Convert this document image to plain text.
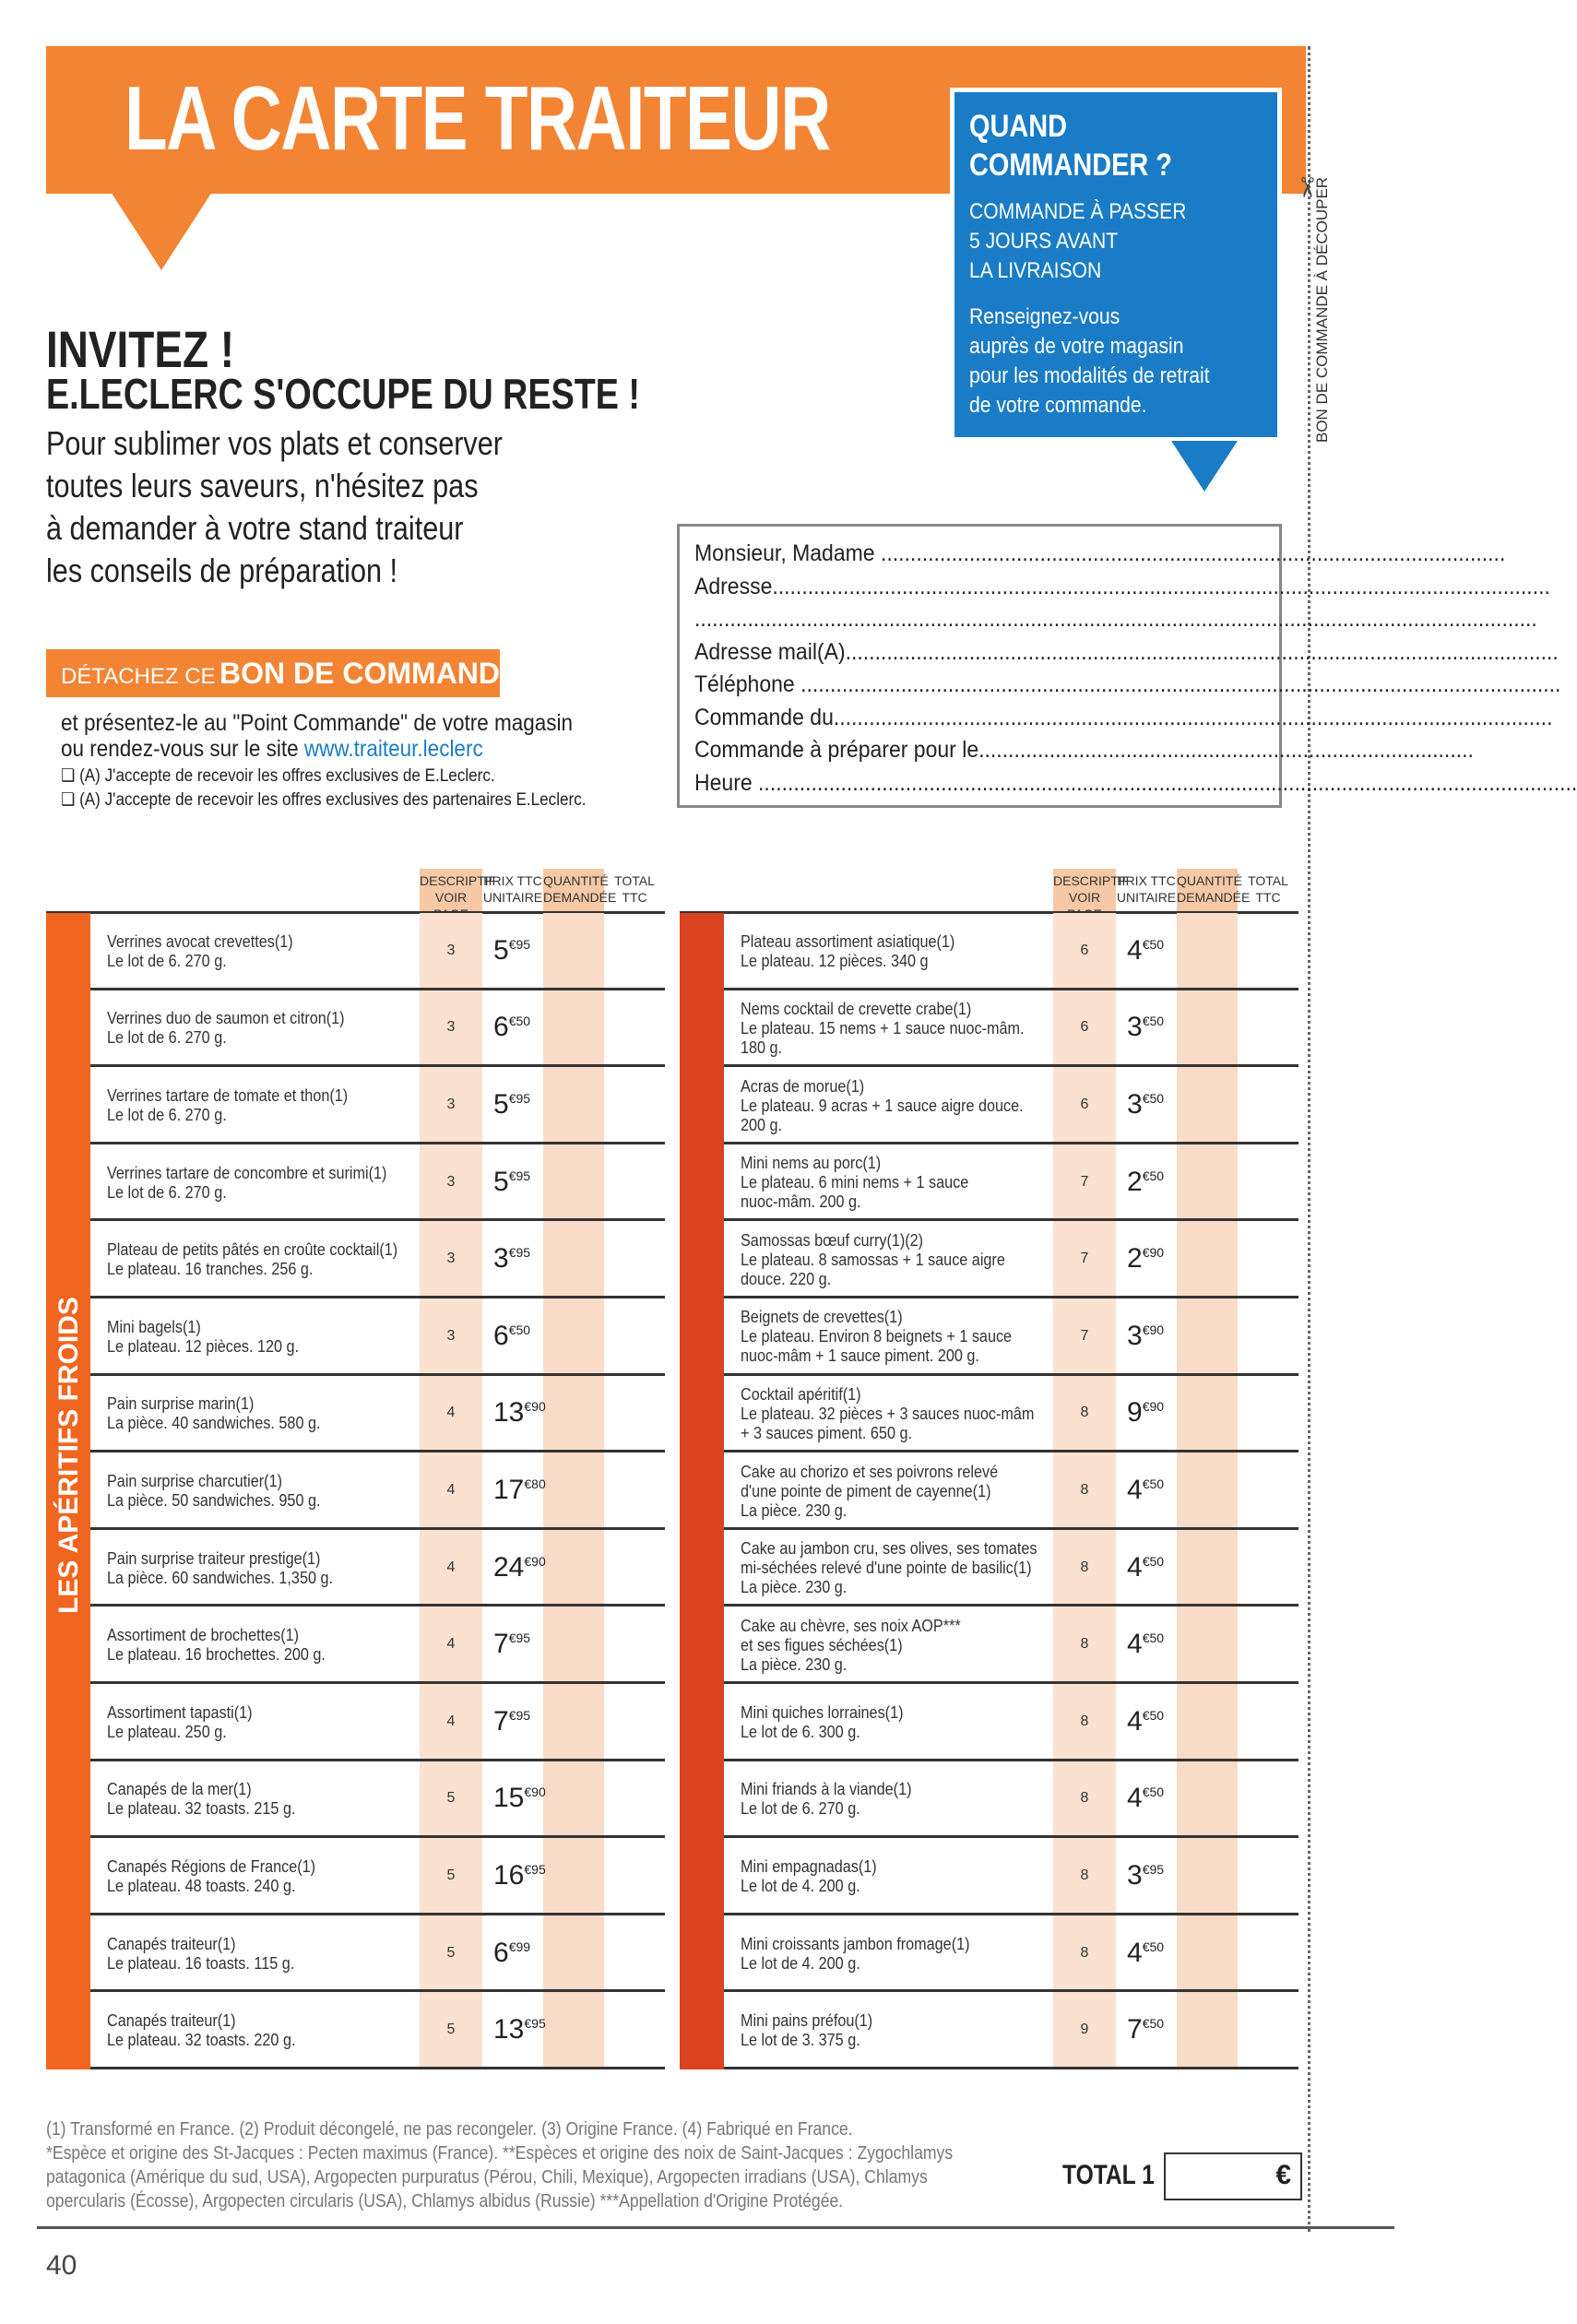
LA CARTE TRAITEUR	QUAND
COMMANDER ?

COMMANDE À PASSER
5 JOURS AVANT
LA LIVRAISON

Renseignez-vous
auprès de votre magasin
pour les modalités de retrait
de votre commande.

✂
BON DE COMMANDE À DÉCOUPER
INVITEZ !
E.LECLERC S'OCCUPE DU RESTE !
Pour sublimer vos plats et conserver
toutes leurs saveurs, n'hésitez pas
à demander à votre stand traiteur
les conseils de préparation !
DÉTACHEZ CE BON DE COMMANDE
et présentez-le au "Point Commande" de votre magasin
ou rendez-vous sur le site www.traiteur.leclerc
❏ (A) J'accepte de recevoir les offres exclusives de E.Leclerc.
❏ (A) J'accepte de recevoir les offres exclusives des partenaires E.Leclerc.
Monsieur, Madame ..........................................................................................................
Adresse....................................................................................................................................
...............................................................................................................................................
Adresse mail(A).........................................................................................................................
Téléphone .................................................................................................................................
Commande du..........................................................................................................................
Commande à préparer pour le....................................................................................
Heure ...........................................................................................................................................
DESCRIPTIF
VOIR
PRIX TTC
UNITAIRE
QUANTITÉ
DEMANDÉE
TOTAL
TTC
DESCRIPTIF
VOIR
PRIX TTC
UNITAIRE
QUANTITÉ
DEMANDÉE
TOTAL
TTC
LES APÉRITIFS FROIDS
Verrines avocat crevettes(1)
Le lot de 6. 270 g.
3	$5^{€95}$
Verrines duo de saumon et citron(1)
Le lot de 6. 270 g.
3	$6^{€50}$
Verrines tartare de tomate et thon(1)
Le lot de 6. 270 g.
3	$5^{€95}$
Verrines tartare de concombre et surimi(1)
Le lot de 6. 270 g.
3	$5^{€95}$
Plateau de petits pâtés en croûte cocktail(1)
Le plateau. 16 tranches. 256 g.
3	$3^{€95}$
Mini bagels(1)
Le plateau. 12 pièces. 120 g.
3	$6^{€50}$
Pain surprise marin(1)
La pièce. 40 sandwiches. 580 g.
4	$13^{€90}$
Pain surprise charcutier(1)
La pièce. 50 sandwiches. 950 g.
4	$17^{€80}$
Pain surprise traiteur prestige(1)
La pièce. 60 sandwiches. 1,350 g.
4	$24^{€90}$
Assortiment de brochettes(1)
Le plateau. 16 brochettes. 200 g.
4	$7^{€95}$
Assortiment tapasti(1)
Le plateau. 250 g.
4	$7^{€95}$
Canapés de la mer(1)
Le plateau. 32 toasts. 215 g.
5	$15^{€90}$
Canapés Régions de France(1)
Le plateau. 48 toasts. 240 g.
5	$16^{€95}$
Canapés traiteur(1)
Le plateau. 16 toasts. 115 g.
5	$6^{€99}$
Canapés traiteur(1)
Le plateau. 32 toasts. 220 g.
5	$13^{€95}$
Plateau assortiment asiatique(1)
Le plateau. 12 pièces. 340 g
6	$4^{€50}$
Nems cocktail de crevette crabe(1)
Le plateau. 15 nems + 1 sauce nuoc-mâm.
180 g.
6	$3^{€50}$
Acras de morue(1)
Le plateau. 9 acras + 1 sauce aigre douce.
200 g.
6	$3^{€50}$
Mini nems au porc(1)
Le plateau. 6 mini nems + 1 sauce
nuoc-mâm. 200 g.
7	$2^{€50}$
Samossas bœuf curry(1)(2)
Le plateau. 8 samossas + 1 sauce aigre
douce. 220 g.
7	$2^{€90}$
Beignets de crevettes(1)
Le plateau. Environ 8 beignets + 1 sauce
nuoc-mâm + 1 sauce piment. 200 g.
7	$3^{€90}$
Cocktail apéritif(1)
Le plateau. 32 pièces + 3 sauces nuoc-mâm
+ 3 sauces piment. 650 g.
8	$9^{€90}$
Cake au chorizo et ses poivrons relevé
d'une pointe de piment de cayenne(1)
La pièce. 230 g.
8	$4^{€50}$
Cake au jambon cru, ses olives, ses tomates
mi-séchées relevé d'une pointe de basilic(1)
La pièce. 230 g.
8	$4^{€50}$
Cake au chèvre, ses noix AOP***
et ses figues séchées(1)
La pièce. 230 g.
8	$4^{€50}$
Mini quiches lorraines(1)
Le lot de 6. 300 g.
8	$4^{€50}$
Mini friands à la viande(1)
Le lot de 6. 270 g.
8	$4^{€50}$
Mini empagnadas(1)
Le lot de 4. 200 g.
8	$3^{€95}$
Mini croissants jambon fromage(1)
Le lot de 4. 200 g.
8	$4^{€50}$
Mini pains préfou(1)
Le lot de 3. 375 g.
9	$7^{€50}$
(1) Transformé en France. (2) Produit décongelé, ne pas recongeler. (3) Origine France. (4) Fabriqué en France.
*Espèce et origine des St-Jacques : Pecten maximus (France). **Espèces et origine des noix de Saint-Jacques : Zygochlamys
patagonica (Amérique du sud, USA), Argopecten purpuratus (Pérou, Chili, Mexique), Argopecten irradians (USA), Chlamys
opercularis (Écosse), Argopecten circularis (USA), Chlamys albidus (Russie) ***Appellation d'Origine Protégée.
TOTAL 1	€
40
